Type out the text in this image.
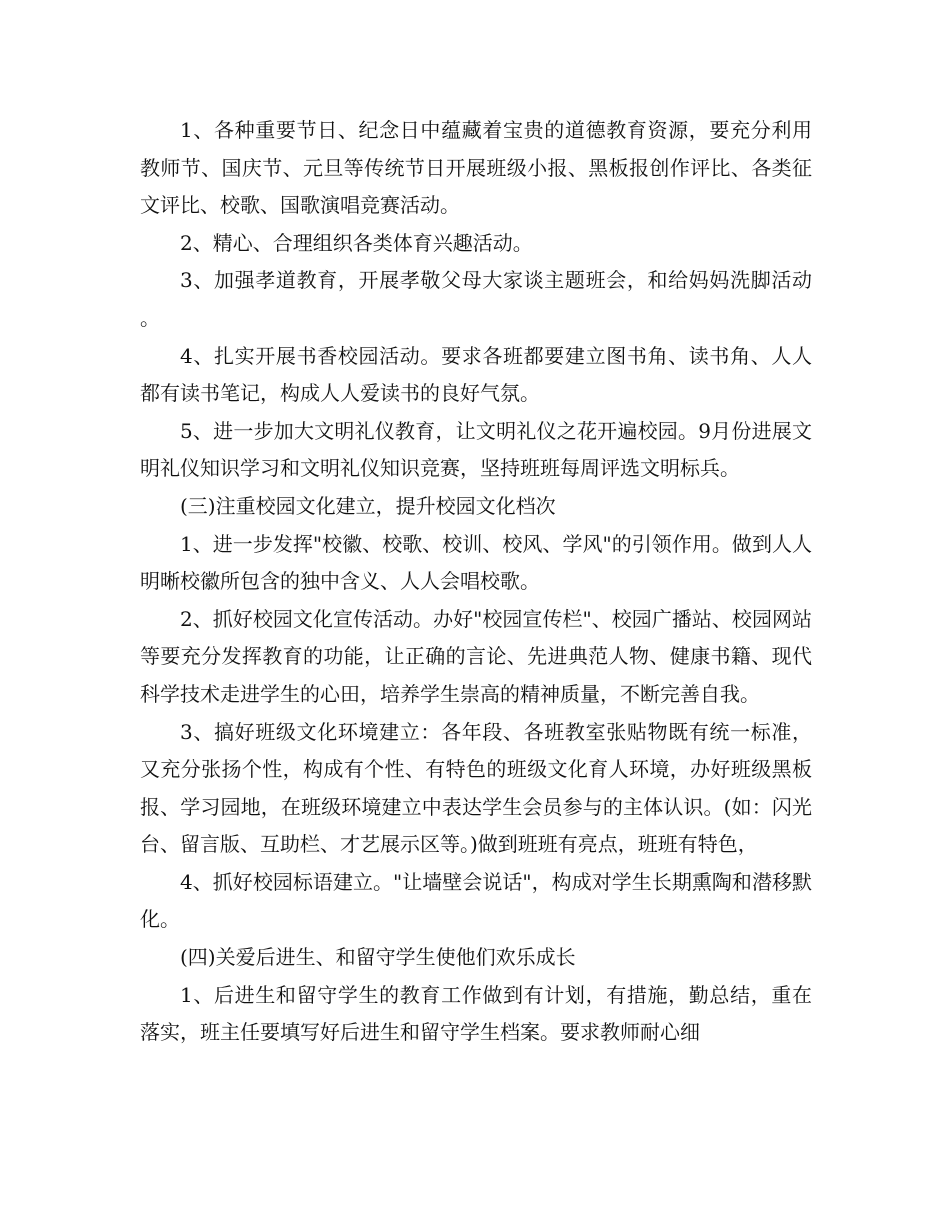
1、各种重要节日、纪念日中蕴藏着宝贵的道德教育资源，要充分利用教师节、国庆节、元旦等传统节日开展班级小报、黑板报创作评比、各类征文评比、校歌、国歌演唱竞赛活动。

2、精心、合理组织各类体育兴趣活动。

3、加强孝道教育，开展孝敬父母大家谈主题班会，和给妈妈洗脚活动。

4、扎实开展书香校园活动。要求各班都要建立图书角、读书角、人人都有读书笔记，构成人人爱读书的良好气氛。

5、进一步加大文明礼仪教育，让文明礼仪之花开遍校园。9月份进展文明礼仪知识学习和文明礼仪知识竞赛，坚持班班每周评选文明标兵。

(三)注重校园文化建立，提升校园文化档次

1、进一步发挥"校徽、校歌、校训、校风、学风"的引领作用。做到人人明晰校徽所包含的独中含义、人人会唱校歌。

2、抓好校园文化宣传活动。办好"校园宣传栏"、校园广播站、校园网站等要充分发挥教育的功能，让正确的言论、先进典范人物、健康书籍、现代科学技术走进学生的心田，培养学生崇高的精神质量，不断完善自我。

3、搞好班级文化环境建立：各年段、各班教室张贴物既有统一标准，又充分张扬个性，构成有个性、有特色的班级文化育人环境，办好班级黑板报、学习园地，在班级环境建立中表达学生会员参与的主体认识。(如：闪光台、留言版、互助栏、才艺展示区等。)做到班班有亮点，班班有特色，

4、抓好校园标语建立。"让墙壁会说话"，构成对学生长期熏陶和潜移默化。

(四)关爱后进生、和留守学生使他们欢乐成长

1、后进生和留守学生的教育工作做到有计划，有措施，勤总结，重在落实，班主任要填写好后进生和留守学生档案。要求教师耐心细
